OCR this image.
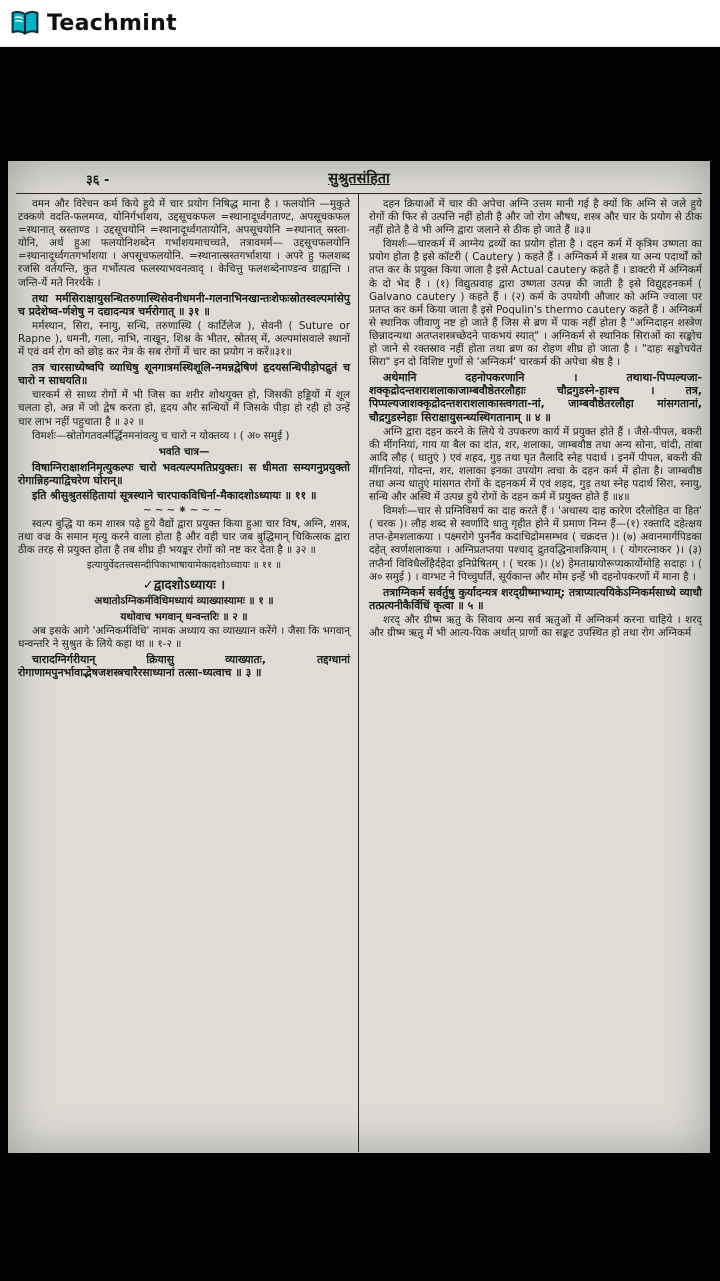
Teachmint
३६ -	सुश्रुतसंहिता
वमन और विरेचन कर्म किये हुये में चार प्रयोग निषिद्ध माना है । फलयोनि —मुकुते टक्कणे वदति-फलमय्व, योनिर्गर्भाशय, उद्दसूचकफल =स्थानादूर्ध्वगताण्ट, अपसूचकफल =स्थानात् स्रस्ताण्ड । उद्दसूचयोनि =स्थानादूर्ध्वगतायोनि, अपसूचयोनि =स्थानात् स्रस्ता-योनि, अर्थ हुआ फलयोनिशब्देन गर्भाशयमाचच्चते, तत्रावमर्म— उद्दसूचफलयोनि =स्थानादूर्ध्वगतगर्भाशया । अपसूचफलयोनि. =स्थानात्स्रस्तगर्भाशया । अपरे हु फलशब्द रजसि वर्तयन्ति, कुत गर्भोत्पत्व फलस्याभवनत्वाद् । केचित्तु फलशब्देनाण्डन्व ग्राह्यन्ति । जन्ति-र्ये मते निरर्थके ।
तथा मर्मसिराक्षायुसन्धितरुणास्थिसेवनीधमनी-गलनाभिनखान्तःशेफःस्रोतस्वल्पमांसेपु च प्रदेशेष्व-र्णशेषु न दद्यादन्यत्र चर्मरोगात् ॥ ३१ ॥
मर्मस्थान, सिरा, स्नायु, सन्धि, तरुणास्थि ( कार्टिलेज ), सेवनी ( Suture or Rapne ), धमनी, गला, नाभि, नाखून, शिश्न के भीतर, स्रोतस् में, अल्पमांसवाले स्थानों में एवं वर्म रोग को छोड़ कर नेत्र के सब रोगों में चार का प्रयोग न करें॥३१॥
तत्र चारसाध्येष्वपि व्याधिषु शूनगात्रमस्थिशूलि-नमन्नद्वेषिणं हृदयसन्धिपीड़ोपद्रुतं च चारो न साधयति॥
चारकर्म से साध्य रोगों में भी जिस का शरीर शोथयुक्त हो, जिसकी हड्डियों में शूल चलता हो, अन्न में जो द्वेष करता हो, हृदय और सन्धियों में जिसके पीड़ा हो रही हो उन्हें चार लाभ नहीं पहुचाता है ॥ ३२ ॥
विमर्शः—स्रोतोगतवर्त्मर्द्धिनमनांवत्यु च चारो न योक्तव्य । ( अ० समुई )
भवति चात्र—
विषाग्निराक्षाशनिमृत्युकल्पः चारो भवत्यल्पमतिप्रयुक्तः। स धीमता सम्यगनुप्रयुक्तो रोगान्निहन्याद्विचरेण घोरान्॥
इति श्रीसुश्रुतसंहितायां सूत्रस्थाने चारपाकविधिर्ना-मैकादशोऽध्यायः ॥ ११ ॥
∼∼∼⁕∼∼∼
स्वल्प बुद्धि या कम शास्त्र पढ़े हुये वैद्यों द्वारा प्रयुक्त किया हुआ चार विष, अग्नि, शस्त्र, तथा वज्र के समान मृत्यु करने वाला होता है और वही चार जब बुद्धिमान् चिकित्सक द्वारा ठीक तरह से प्रयुक्त होता है तब शीघ्र ही भयङ्कर रोगों को नष्ट कर देता है ॥ ३२ ॥
इत्यायुर्वेदतत्त्वसन्दीपिकाभाषायामेकादशोऽध्यायः ॥ ११ ॥
✓द्वादशोऽध्यायः ।
अथातोऽग्निकर्मविधिमध्यायं व्याख्यास्यामः ॥ १ ॥
यथोवाच भगवान् धन्वन्तरिः ॥ २ ॥
अब इसके आगे 'अग्निकर्मविधि' नामक अध्याय का व्याख्यान करेंगे । जैसा कि भगवान् धन्वन्तरि ने सुश्रुत के लिये कहा था ॥ १-२ ॥
चारादग्निर्गरीयान् क्रियासु व्याख्यातः, तद्दग्धानां रोगाणामपुनर्भावाद्भेषजशस्त्रचारैरसाध्यानां तत्सा-ध्यत्वाच ॥ ३ ॥
दहन क्रियाओं में चार की अपेचा अग्नि उत्तम मानी गई है क्यों कि अग्नि से जले हुये रोगों की फिर से उत्पत्ति नहीं होती है और जो रोग औषध, शस्त्र और चार के प्रयोग से ठीक नहीं होते है वे भी अग्नि द्वारा जलाने से ठीक हो जाते हैं ॥३॥
विमर्शः—चारकर्म में आग्नेय द्रव्यों का प्रयोग होता है । दहन कर्म में कृत्रिम उष्णता का प्रयोग होता है इसे कॉटरी ( Cautery ) कहते हैं । अग्निकर्म में शस्त्र या अन्य पदार्थों को तप्त कर के प्रयुक्त किया जाता है इसे Actual cautery कहते हैं । डाक्टरी में अग्निकर्म के दो भेद हैं । (१) विद्युत्प्रवाह द्वारा उष्णता उत्पन्न की जाती है इसे विद्युद्दहनकर्म ( Galvano cautery ) कहते हैं । (२) कर्म के उपयोगी औजार को अग्नि ज्वाला पर प्रतप्त कर कर्म किया जाता है इसे Poqulin's thermo cautery कहते हैं । अग्निकर्म से स्थानिक जीवाणु नष्ट हो जाते हैं जिस से ब्रण में पाक नहीं होता है "अग्निदाहन शस्त्रेण छिन्नादन्यथा अतप्तशस्त्रच्छेदने पाकभयं स्यात्" । अग्निकर्म से स्थानिक सिराओं का सङ्कोच हो जाने से रक्तस्राव नहीं होता तथा ब्रण का रोहण शीघ्र हो जाता है । "दाहः सङ्कोचयेत सिरा" इन दो विशिष्ट गुणों से 'अग्निकर्म' चारकर्म की अपेचा श्रेष्ठ है ।
अथेमानि दहनोपकरणानि । तथाथा-पिप्पल्यजा-शक्कृद्रोदन्तशराशलाकाजाम्बवौष्ठेतरलौहाः चौद्रगुडस्ने-हाश्च । तत्र, पिप्पल्यजाशक्कृद्रोदन्तशराशलाकास्त्वगता-नां, जाम्बवौष्ठेतरलौहा मांसगतानां, चौद्रगुडस्नेहाः सिराक्षायुसन्ध्यस्थिगतानाम् ॥ ४ ॥
अग्नि द्वारा दहन करने के लिये ये उपकरण कार्य में प्रयुक्त होते हैं । जैसे-पीपल, बकरी की मींगनियां, गाय या बैल का दांत, शर, शलाका, जाम्बवौष्ठ तथा अन्य सोना, चांदी, तांबा आदि लौह ( धातुएं ) एवं शहद, गुड़ तथा घृत तैलादि स्नेह पदार्थ । इनमें पीपल, बकरी की मींगनियां, गोदन्त, शर, शलाका इनका उपयोग त्वचा के दहन कर्म में होता है। जाम्बवौष्ठ तथा अन्य धातुएं मांसगत रोगों के दहनकर्म में एवं शहद, गुड़ तथा स्नेह पदार्थ सिरा, स्नायु, सन्धि और अस्थि में उत्पन्न हुये रोगों के दहन कर्म में प्रयुक्त होते हैं ॥४॥
विमर्शः—चार से प्रग्निविसर्प का दाह करते हैं । 'अथास्य दाह कारेण दरैलोहित वा हित' ( चरक )। लौह शब्द से स्वर्णादि धातु गृहीत होने में प्रमाण निम्न हैं—(१) रक्तादि दहेत्क्षय तप्त-हेमशलाकया । पक्ष्मरोगे पुनर्नैव कदाचिद्रोमसम्भव ( चक्रदत्त )। (७) अवानमार्गपिडका दहेत् स्वर्णशलाकया । अग्निप्रतप्तया पश्चाद् द्रुतवद्धिनाशक्रियाम् । ( योगरत्नाकर )। (३) तप्तैर्ना विविधैर्लोहैर्दहेदा इनिप्रेषितम् । ( चरक )। (४) हेमताम्रायोरूप्यकार्योमोहि सदाहः । ( अ० समुई ) । वाग्भट ने पिच्चुघर्ति, सूर्यकान्त और मोम इन्हें भी दहनोपकरणों में माना है ।
तत्राग्निकर्म सर्वर्तुषु कुर्यादन्यत्र शरद्ग्रीष्माभ्याम्; तत्राप्यात्ययिकेऽग्निकर्मसाध्ये व्याधौ तत्प्रत्यनीकैर्विधिं कृत्वा ॥ ५ ॥
शरद् और ग्रीष्म ऋतु के सिवाय अन्य सर्व ऋतुओं में अग्निकर्म करना चाहिये । शरद् और ग्रीष्म ऋतु में भी आत्य-यिक अर्थात् प्राणों का सङ्कट उपस्थित हो तथा रोग अग्निकर्म
